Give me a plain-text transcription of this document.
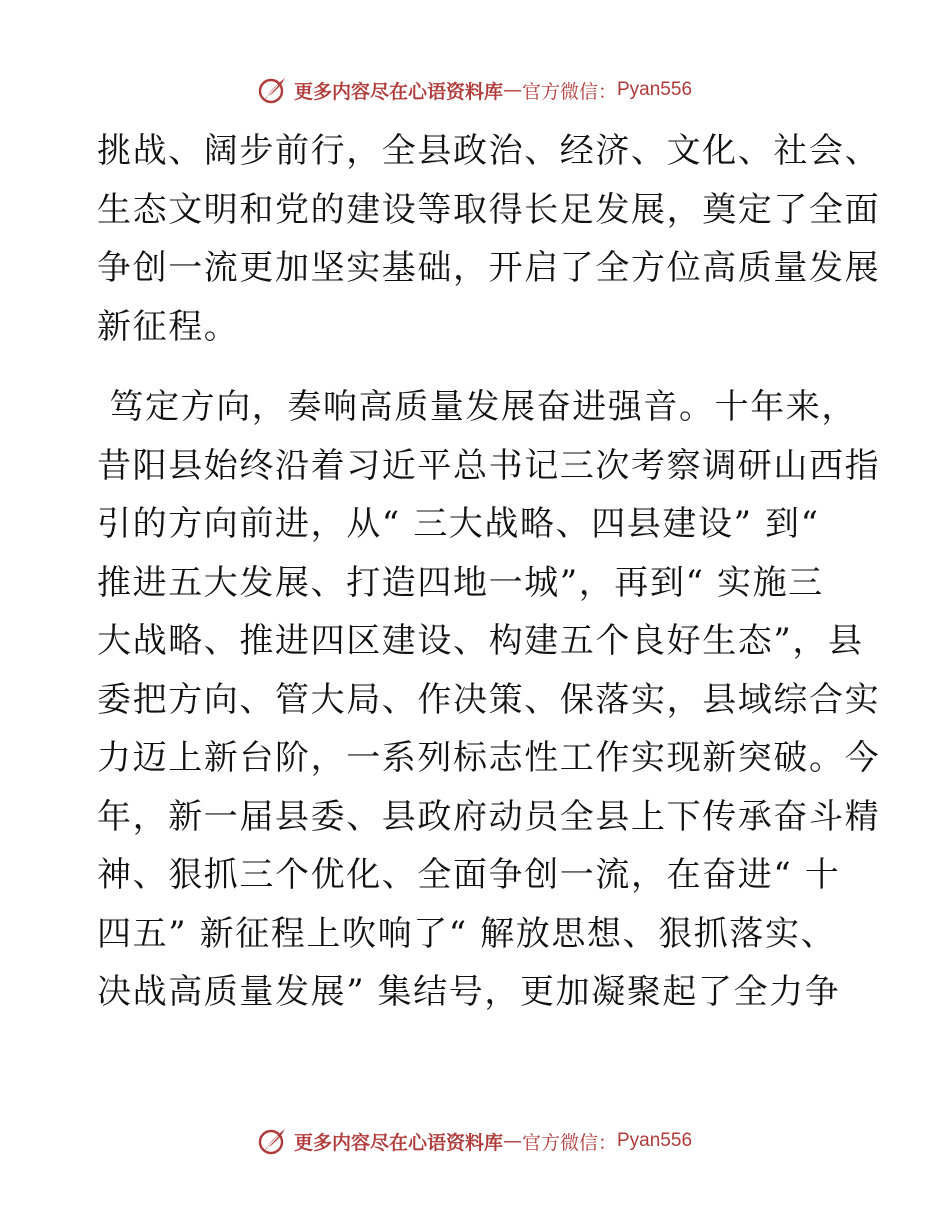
更多内容尽在心语资料库 — 官方微信： Pyan556
挑战、阔步前行，全县政治、经济、文化、社会、
生态文明和党的建设等取得长足发展，奠定了全面
争创一流更加坚实基础，开启了全方位高质量发展
新征程。
笃定方向，奏响高质量发展奋进强音。十年来，
昔阳县始终沿着习近平总书记三次考察调研山西指
引的方向前进，从“ 三大战略、四县建设” 到“
推进五大发展、打造四地一城”，再到“ 实施三
大战略、推进四区建设、构建五个良好生态”，县
委把方向、管大局、作决策、保落实，县域综合实
力迈上新台阶，一系列标志性工作实现新突破。今
年，新一届县委、县政府动员全县上下传承奋斗精
神、狠抓三个优化、全面争创一流，在奋进“ 十
四五” 新征程上吹响了“ 解放思想、狠抓落实、
决战高质量发展” 集结号，更加凝聚起了全力争
更多内容尽在心语资料库 — 官方微信： Pyan556
